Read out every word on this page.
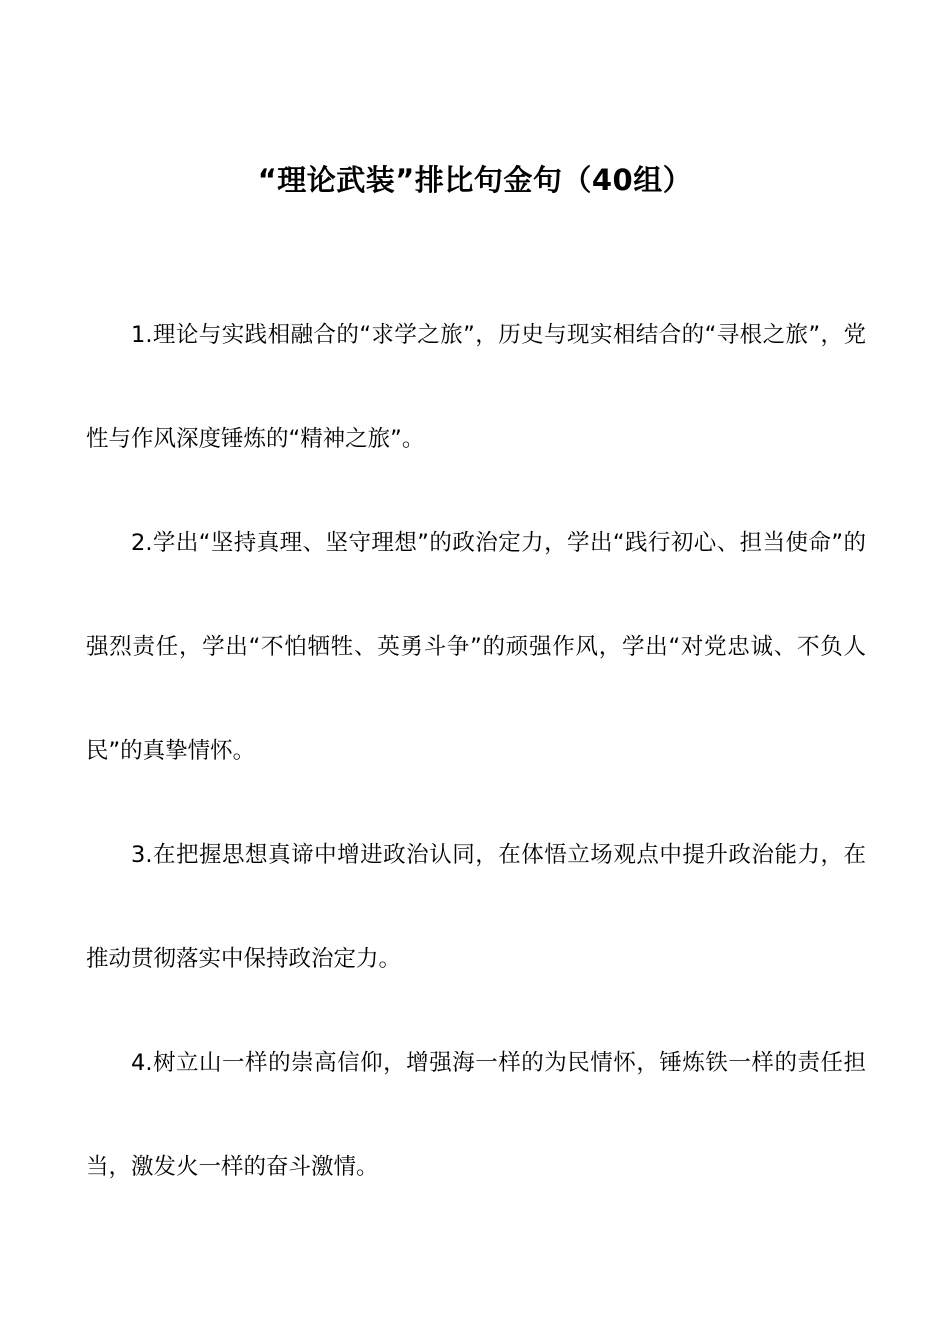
“理论武装”排比句金句（40组）

1.理论与实践相融合的“求学之旅”，历史与现实相结合的“寻根之旅”，党性与作风深度锤炼的“精神之旅”。

2.学出“坚持真理、坚守理想”的政治定力，学出“践行初心、担当使命”的强烈责任，学出“不怕牺牲、英勇斗争”的顽强作风，学出“对党忠诚、不负人民”的真挚情怀。

3.在把握思想真谛中增进政治认同，在体悟立场观点中提升政治能力，在推动贯彻落实中保持政治定力。

4.树立山一样的崇高信仰，增强海一样的为民情怀，锤炼铁一样的责任担当，激发火一样的奋斗激情。
